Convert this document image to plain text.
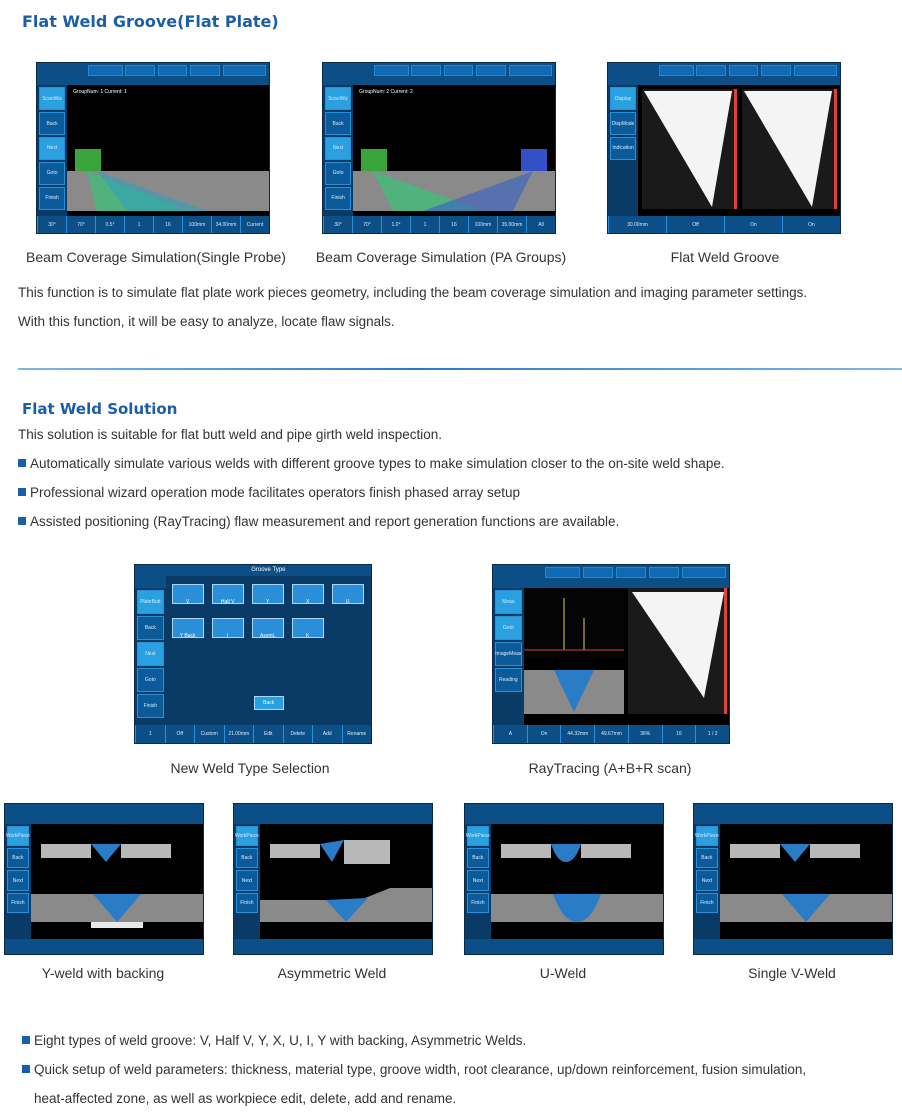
Flat Weld Groove(Flat Plate)
ScanWiz
Back
Next
Goto
Finish
GroupNum: 1 Current: 1
30°	70°	0.5°	1	16	100mm	34.00mm	Current
ScanWiz
Back
Next
Goto
Finish
GroupNum: 2 Current: 2
30°	70°	1.0°	1	16	100mm	35.00mm	All
Display
DispMode
Indication
30.00mm	Off	On	On
Beam Coverage Simulation(Single Probe)	Beam Coverage Simulation (PA Groups)	Flat Weld Groove
This function is to simulate flat plate work pieces geometry, including the beam coverage simulation and imaging parameter settings.
With this function, it will be easy to analyze, locate flaw signals.
Flat Weld Solution
This solution is suitable for flat butt weld and pipe girth weld inspection.
Automatically simulate various welds with different groove types to make simulation closer to the on-site weld shape.
Professional wizard operation mode facilitates operators finish phased array setup
Assisted positioning (RayTracing) flaw measurement and report generation functions are available.
Groove Type
PlateButt
Back
Next
Goto
Finish
V	Half V	Y	X	U
Y Back	I	AsymL	K
Back
1	Off	Custom	21.00mm	Edit	Delete	Add	Rename
Meas
Goto
ImageMeas
Reading
A	On	44.32mm	49.67mm	36%	16	1 / 2
New Weld Type Selection	RayTracing (A+B+R scan)
WorkPiece
Back
Next
Finish
WorkPiece
Back
Next
Finish
WorkPiece
Back
Next
Finish
WorkPiece
Back
Next
Finish
Y-weld with backing	Asymmetric Weld	U-Weld	Single V-Weld
Eight types of weld groove: V, Half V, Y, X, U, I, Y with backing, Asymmetric Welds.
Quick setup of weld parameters: thickness, material type, groove width, root clearance, up/down reinforcement, fusion simulation,
heat-affected zone, as well as workpiece edit, delete, add and rename.
